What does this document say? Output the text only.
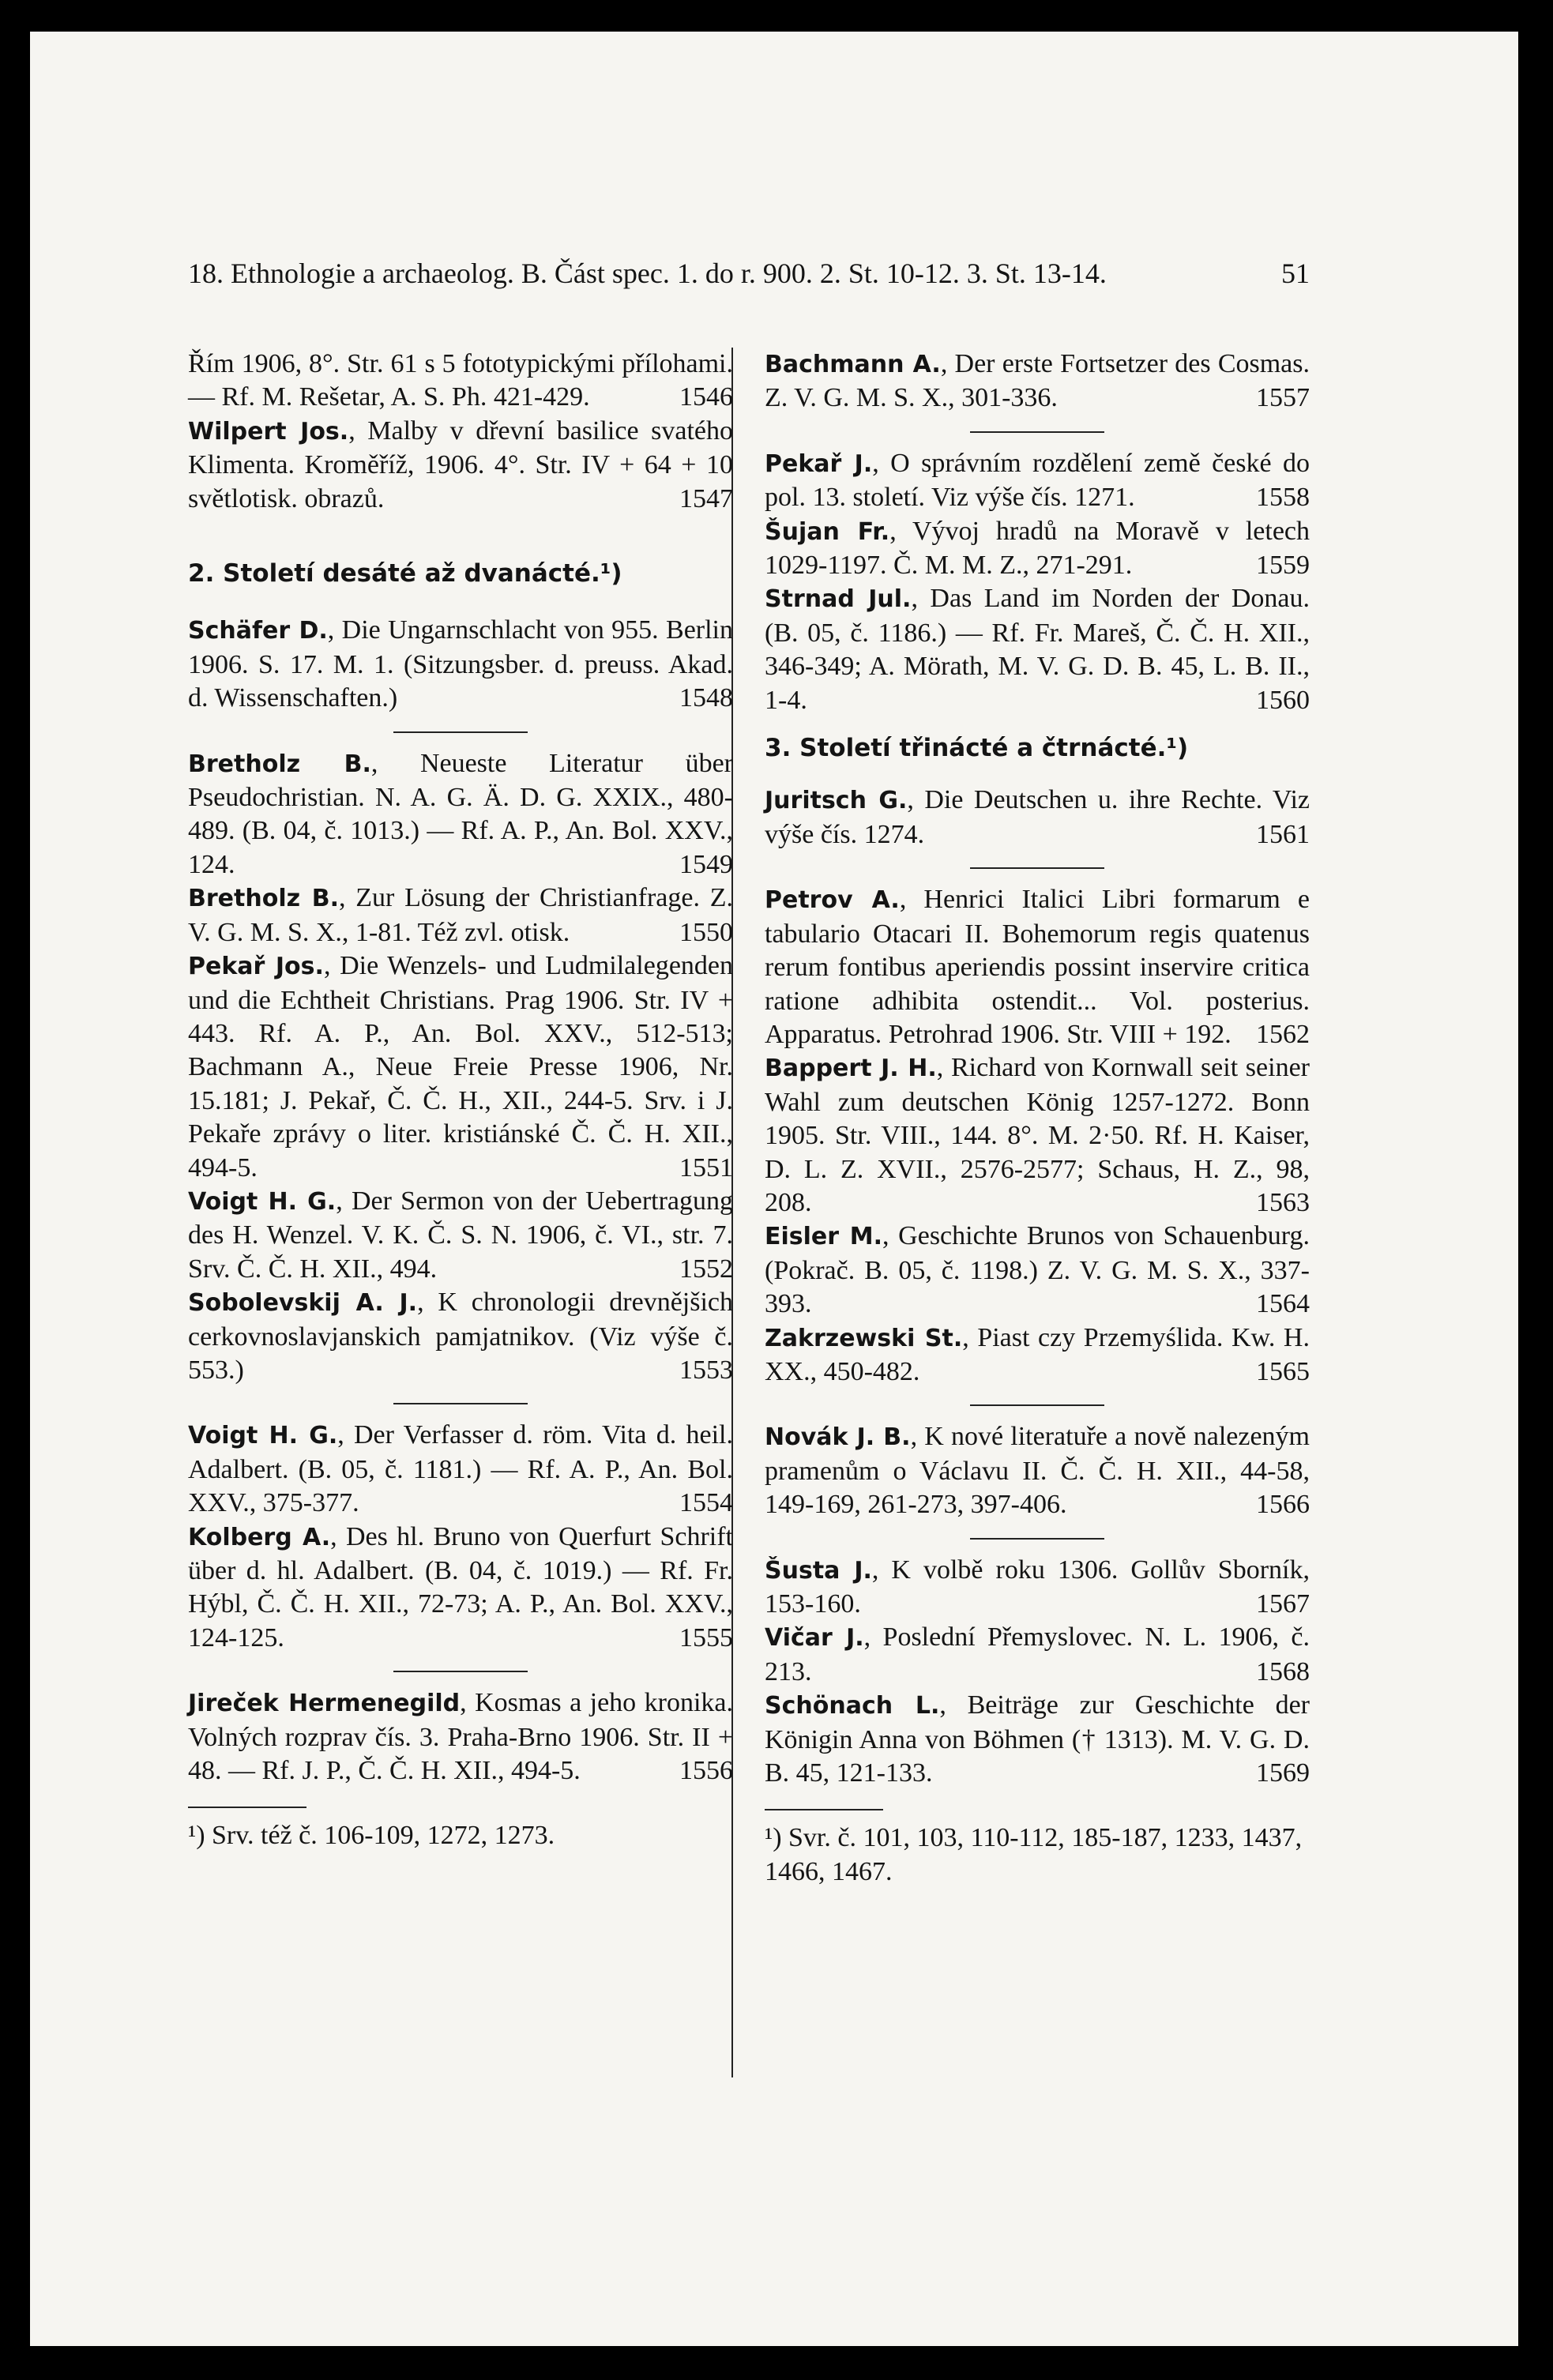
18. Ethnologie a archaeolog. B. Část spec. 1. do r. 900. 2. St. 10-12. 3. St. 13-14.	51
Řím 1906, 8°. Str. 61 s 5 fototypickými přílohami. — Rf. M. Rešetar, A. S. Ph. 421-429.	1546
Wilpert Jos., Malby v dřevní basilice svatého Klimenta. Kroměříž, 1906. 4°. Str. IV + 64 + 10 světlotisk. obrazů.	1547
2. Století desáté až dvanácté.¹)
Schäfer D., Die Ungarnschlacht von 955. Berlin 1906. S. 17. M. 1. (Sitzungsber. d. preuss. Akad. d. Wissenschaften.)	1548
Bretholz B., Neueste Literatur über Pseudochristian. N. A. G. Ä. D. G. XXIX., 480-489. (B. 04, č. 1013.) — Rf. A. P., An. Bol. XXV., 124.	1549
Bretholz B., Zur Lösung der Christianfrage. Z. V. G. M. S. X., 1-81. Též zvl. otisk.	1550
Pekař Jos., Die Wenzels- und Ludmilalegenden und die Echtheit Christians. Prag 1906. Str. IV + 443. Rf. A. P., An. Bol. XXV., 512-513; Bachmann A., Neue Freie Presse 1906, Nr. 15.181; J. Pekař, Č. Č. H., XII., 244-5. Srv. i J. Pekaře zprávy o liter. kristiánské Č. Č. H. XII., 494-5.	1551
Voigt H. G., Der Sermon von der Uebertragung des H. Wenzel. V. K. Č. S. N. 1906, č. VI., str. 7. Srv. Č. Č. H. XII., 494.	1552
Sobolevskij A. J., K chronologii drevnějšich cerkovnoslavjanskich pamjatnikov. (Viz výše č. 553.)	1553
Voigt H. G., Der Verfasser d. röm. Vita d. heil. Adalbert. (B. 05, č. 1181.) — Rf. A. P., An. Bol. XXV., 375-377.	1554
Kolberg A., Des hl. Bruno von Querfurt Schrift über d. hl. Adalbert. (B. 04, č. 1019.) — Rf. Fr. Hýbl, Č. Č. H. XII., 72-73; A. P., An. Bol. XXV., 124-125.	1555
Jireček Hermenegild, Kosmas a jeho kronika. Volných rozprav čís. 3. Praha-Brno 1906. Str. II + 48. — Rf. J. P., Č. Č. H. XII., 494-5.	1556
¹) Srv. též č. 106-109, 1272, 1273.
Bachmann A., Der erste Fortsetzer des Cosmas. Z. V. G. M. S. X., 301-336.	1557
Pekař J., O správním rozdělení země české do pol. 13. století. Viz výše čís. 1271.	1558
Šujan Fr., Vývoj hradů na Moravě v letech 1029-1197. Č. M. M. Z., 271-291.	1559
Strnad Jul., Das Land im Norden der Donau. (B. 05, č. 1186.) — Rf. Fr. Mareš, Č. Č. H. XII., 346-349; A. Mörath, M. V. G. D. B. 45, L. B. II., 1-4.	1560
3. Století třinácté a čtrnácté.¹)
Juritsch G., Die Deutschen u. ihre Rechte. Viz výše čís. 1274.	1561
Petrov A., Henrici Italici Libri formarum e tabulario Otacari II. Bohemorum regis quatenus rerum fontibus aperiendis possint inservire critica ratione adhibita ostendit... Vol. posterius. Apparatus. Petrohrad 1906. Str. VIII + 192. 1562
Bappert J. H., Richard von Kornwall seit seiner Wahl zum deutschen König 1257-1272. Bonn 1905. Str. VIII., 144. 8°. M. 2·50. Rf. H. Kaiser, D. L. Z. XVII., 2576-2577; Schaus, H. Z., 98, 208.	1563
Eisler M., Geschichte Brunos von Schauenburg. (Pokrač. B. 05, č. 1198.) Z. V. G. M. S. X., 337-393.	1564
Zakrzewski St., Piast czy Przemyślida. Kw. H. XX., 450-482.	1565
Novák J. B., K nové literatuře a nově nalezeným pramenům o Václavu II. Č. Č. H. XII., 44-58, 149-169, 261-273, 397-406.	1566
Šusta J., K volbě roku 1306. Gollův Sborník, 153-160.	1567
Vičar J., Poslední Přemyslovec. N. L. 1906, č. 213.	1568
Schönach L., Beiträge zur Geschichte der Königin Anna von Böhmen († 1313). M. V. G. D. B. 45, 121-133.	1569
¹) Svr. č. 101, 103, 110-112, 185-187, 1233, 1437, 1466, 1467.
